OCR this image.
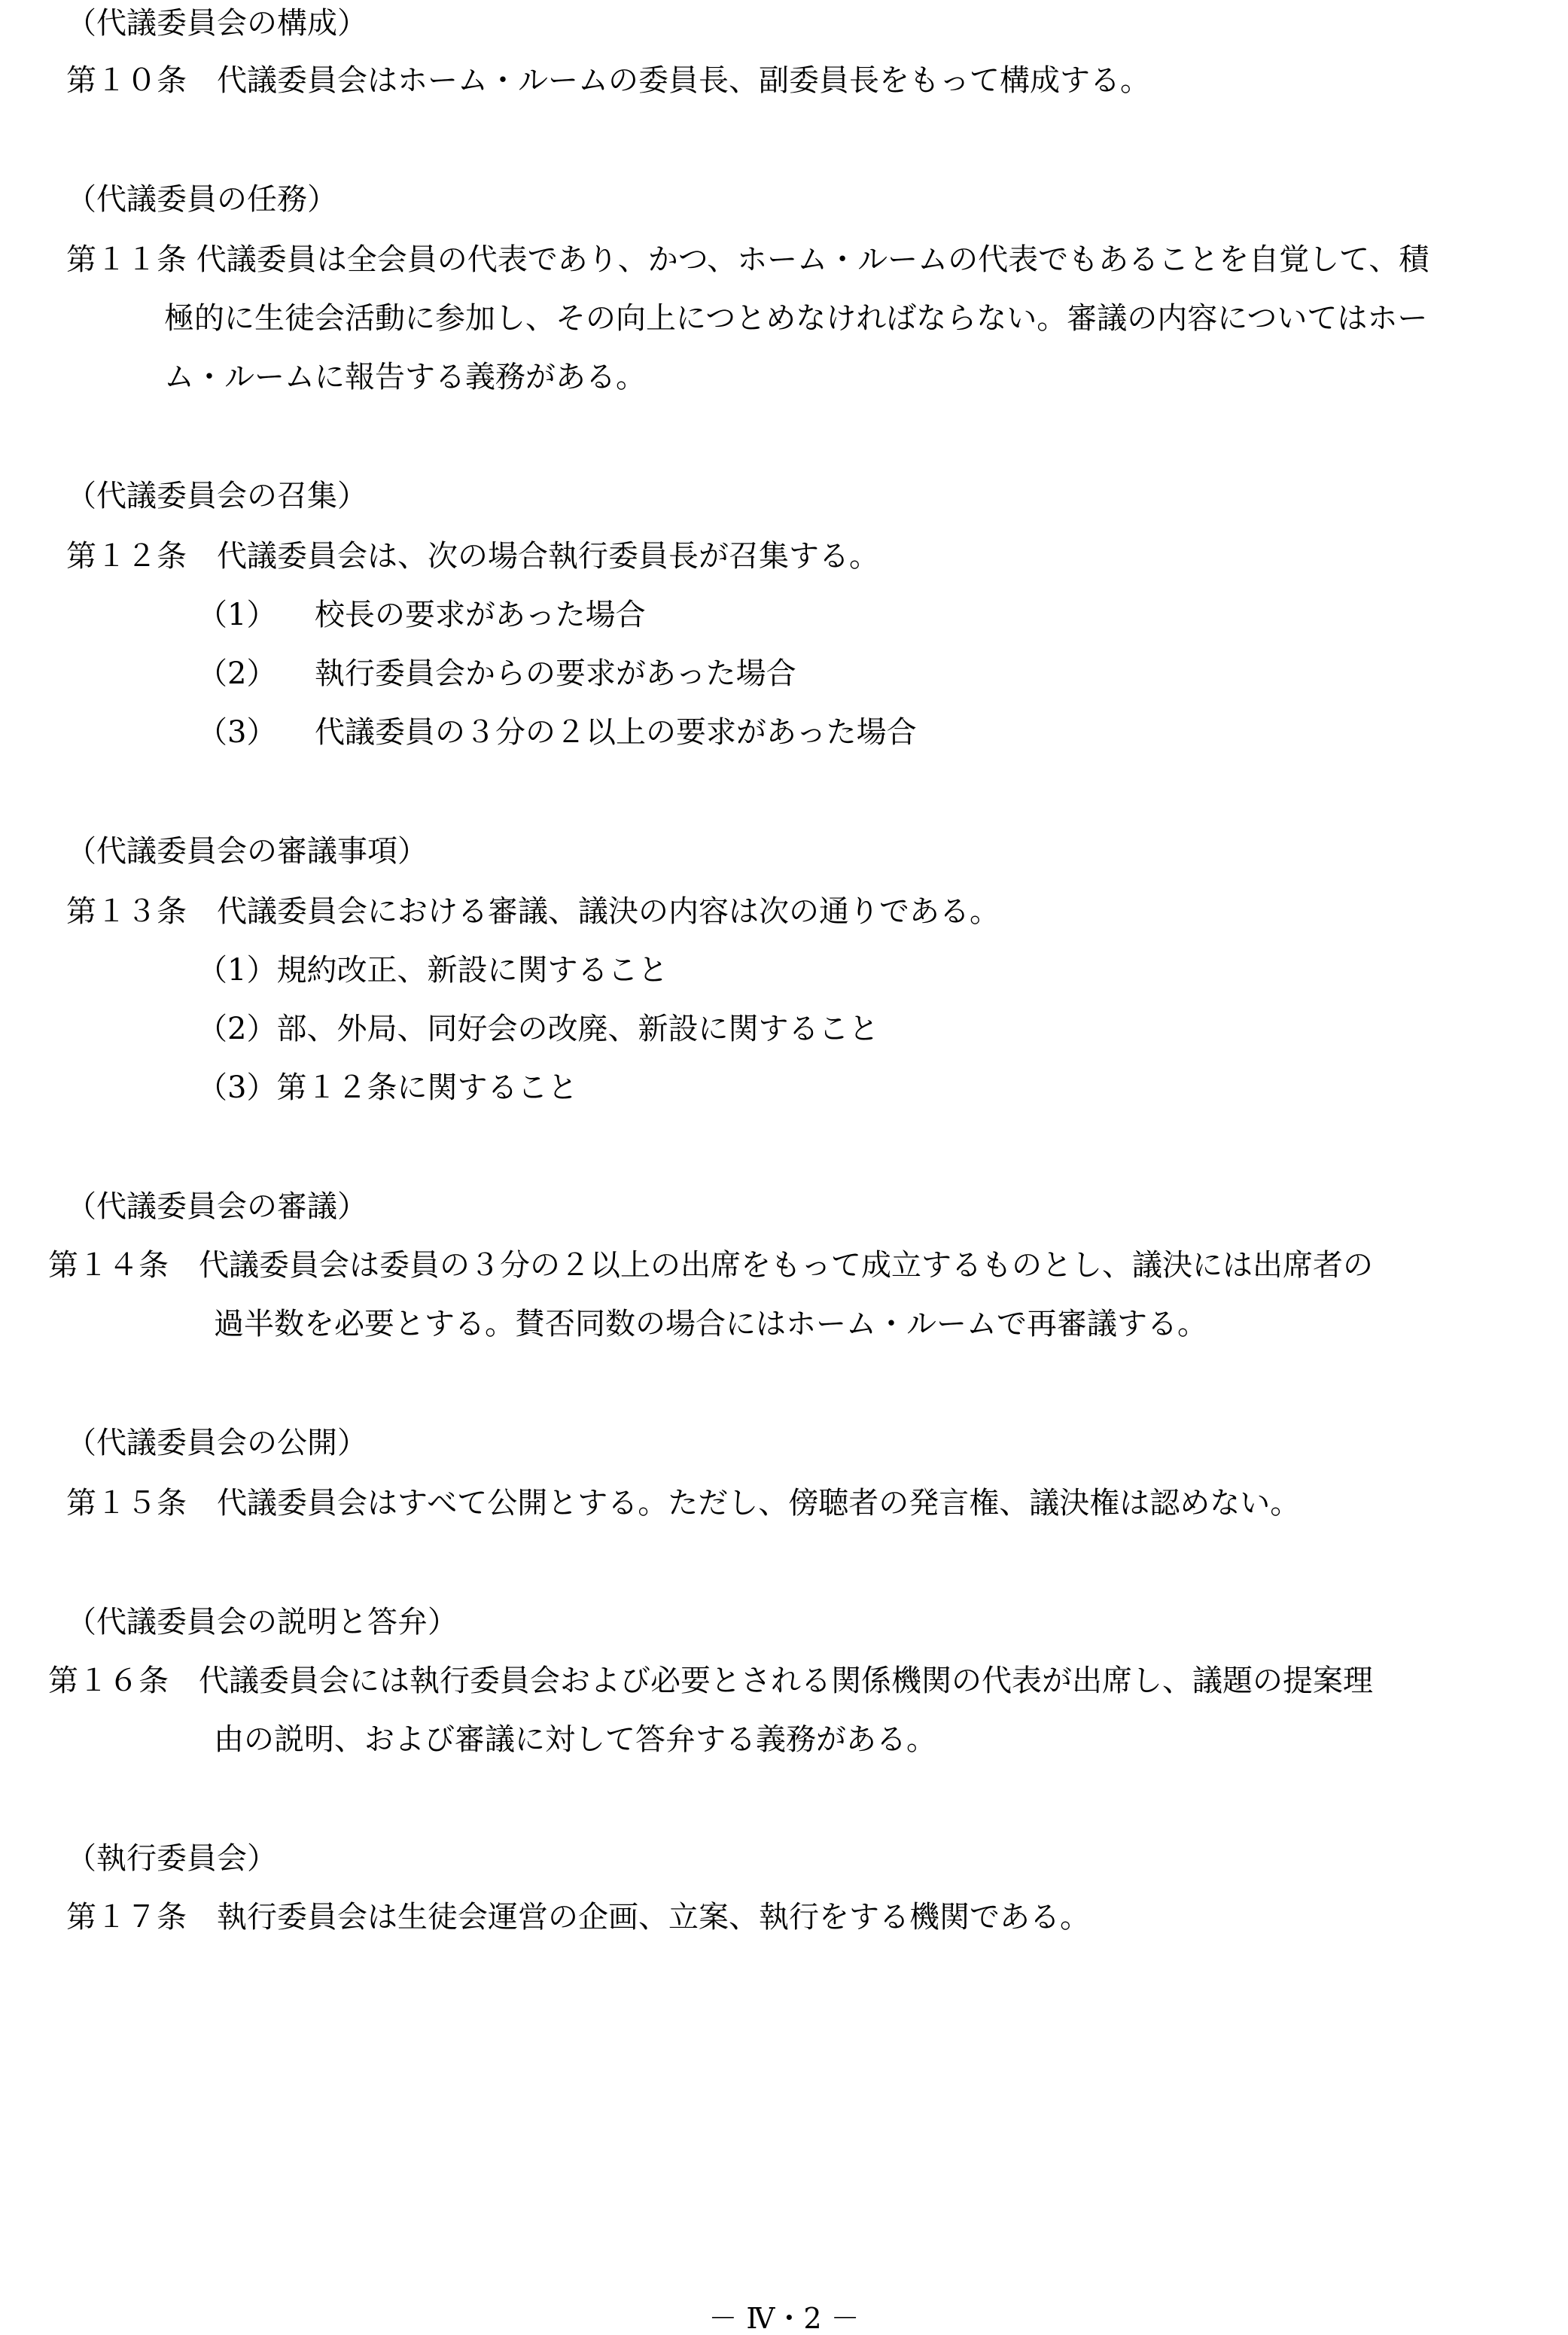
（代議委員会の構成）
第１０条　代議委員会はホーム・ルームの委員長、副委員長をもって構成する。
（代議委員の任務）
第１１条 代議委員は全会員の代表であり、かつ、ホーム・ルームの代表でもあることを自覚して、積
極的に生徒会活動に参加し、その向上につとめなければならない。審議の内容についてはホー
ム・ルームに報告する義務がある。
（代議委員会の召集）
第１２条　代議委員会は、次の場合執行委員長が召集する。
（1） 校長の要求があった場合
（2） 執行委員会からの要求があった場合
（3） 代議委員の３分の２以上の要求があった場合
（代議委員会の審議事項）
第１３条　代議委員会における審議、議決の内容は次の通りである。
（1）規約改正、新設に関すること
（2）部、外局、同好会の改廃、新設に関すること
（3）第１２条に関すること
（代議委員会の審議）
第１４条　代議委員会は委員の３分の２以上の出席をもって成立するものとし、議決には出席者の
過半数を必要とする。賛否同数の場合にはホーム・ルームで再審議する。
（代議委員会の公開）
第１５条　代議委員会はすべて公開とする。ただし、傍聴者の発言権、議決権は認めない。
（代議委員会の説明と答弁）
第１６条　代議委員会には執行委員会および必要とされる関係機関の代表が出席し、議題の提案理
由の説明、および審議に対して答弁する義務がある。
（執行委員会）
第１７条　執行委員会は生徒会運営の企画、立案、執行をする機関である。
－ Ⅳ・2 －
